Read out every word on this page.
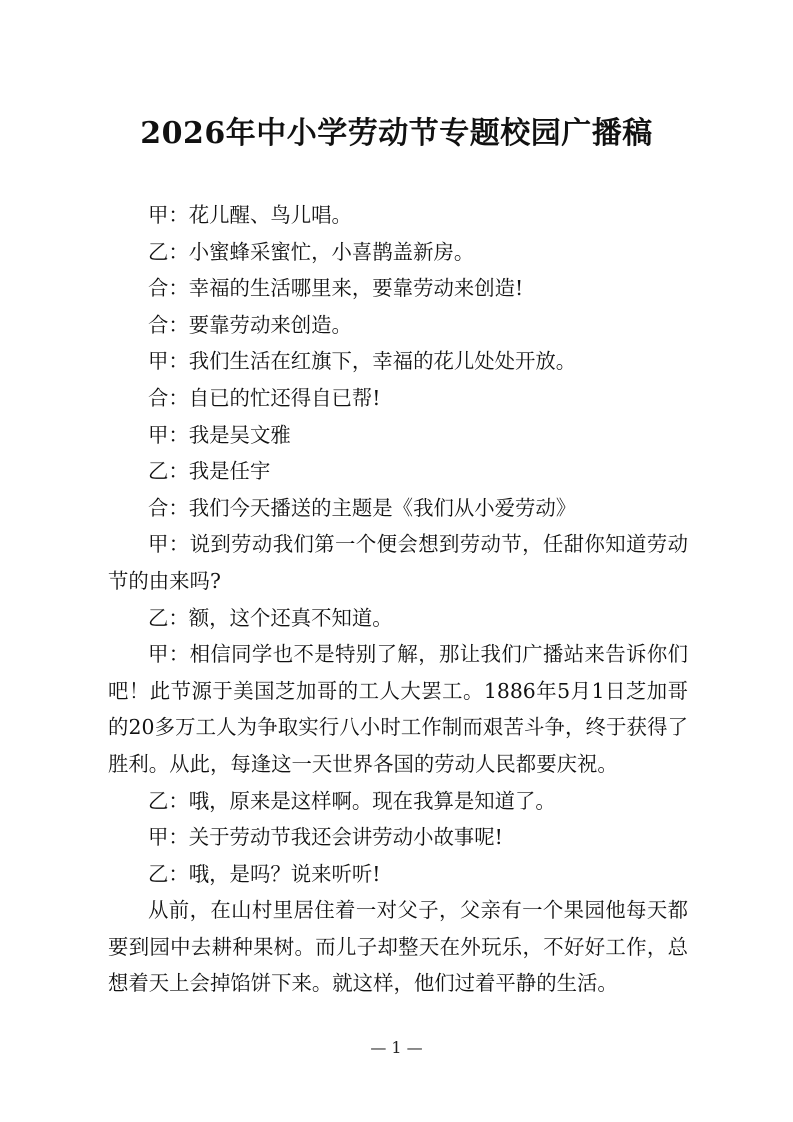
2026年中小学劳动节专题校园广播稿

甲：花儿醒、鸟儿唱。

乙：小蜜蜂采蜜忙，小喜鹊盖新房。

合：幸福的生活哪里来，要靠劳动来创造!

合：要靠劳动来创造。

甲：我们生活在红旗下，幸福的花儿处处开放。

合：自已的忙还得自已帮!

甲：我是吴文雅

乙：我是任宇

合：我们今天播送的主题是《我们从小爱劳动》

甲：说到劳动我们第一个便会想到劳动节，任甜你知道劳动节的由来吗?

乙：额，这个还真不知道。

甲：相信同学也不是特别了解，那让我们广播站来告诉你们吧！此节源于美国芝加哥的工人大罢工。1886年5月1日芝加哥的20多万工人为争取实行八小时工作制而艰苦斗争，终于获得了胜利。从此，每逢这一天世界各国的劳动人民都要庆祝。

乙：哦，原来是这样啊。现在我算是知道了。

甲：关于劳动节我还会讲劳动小故事呢!

乙：哦，是吗？说来听听!

从前，在山村里居住着一对父子，父亲有一个果园他每天都要到园中去耕种果树。而儿子却整天在外玩乐，不好好工作，总想着天上会掉馅饼下来。就这样，他们过着平静的生活。

— 1 —
